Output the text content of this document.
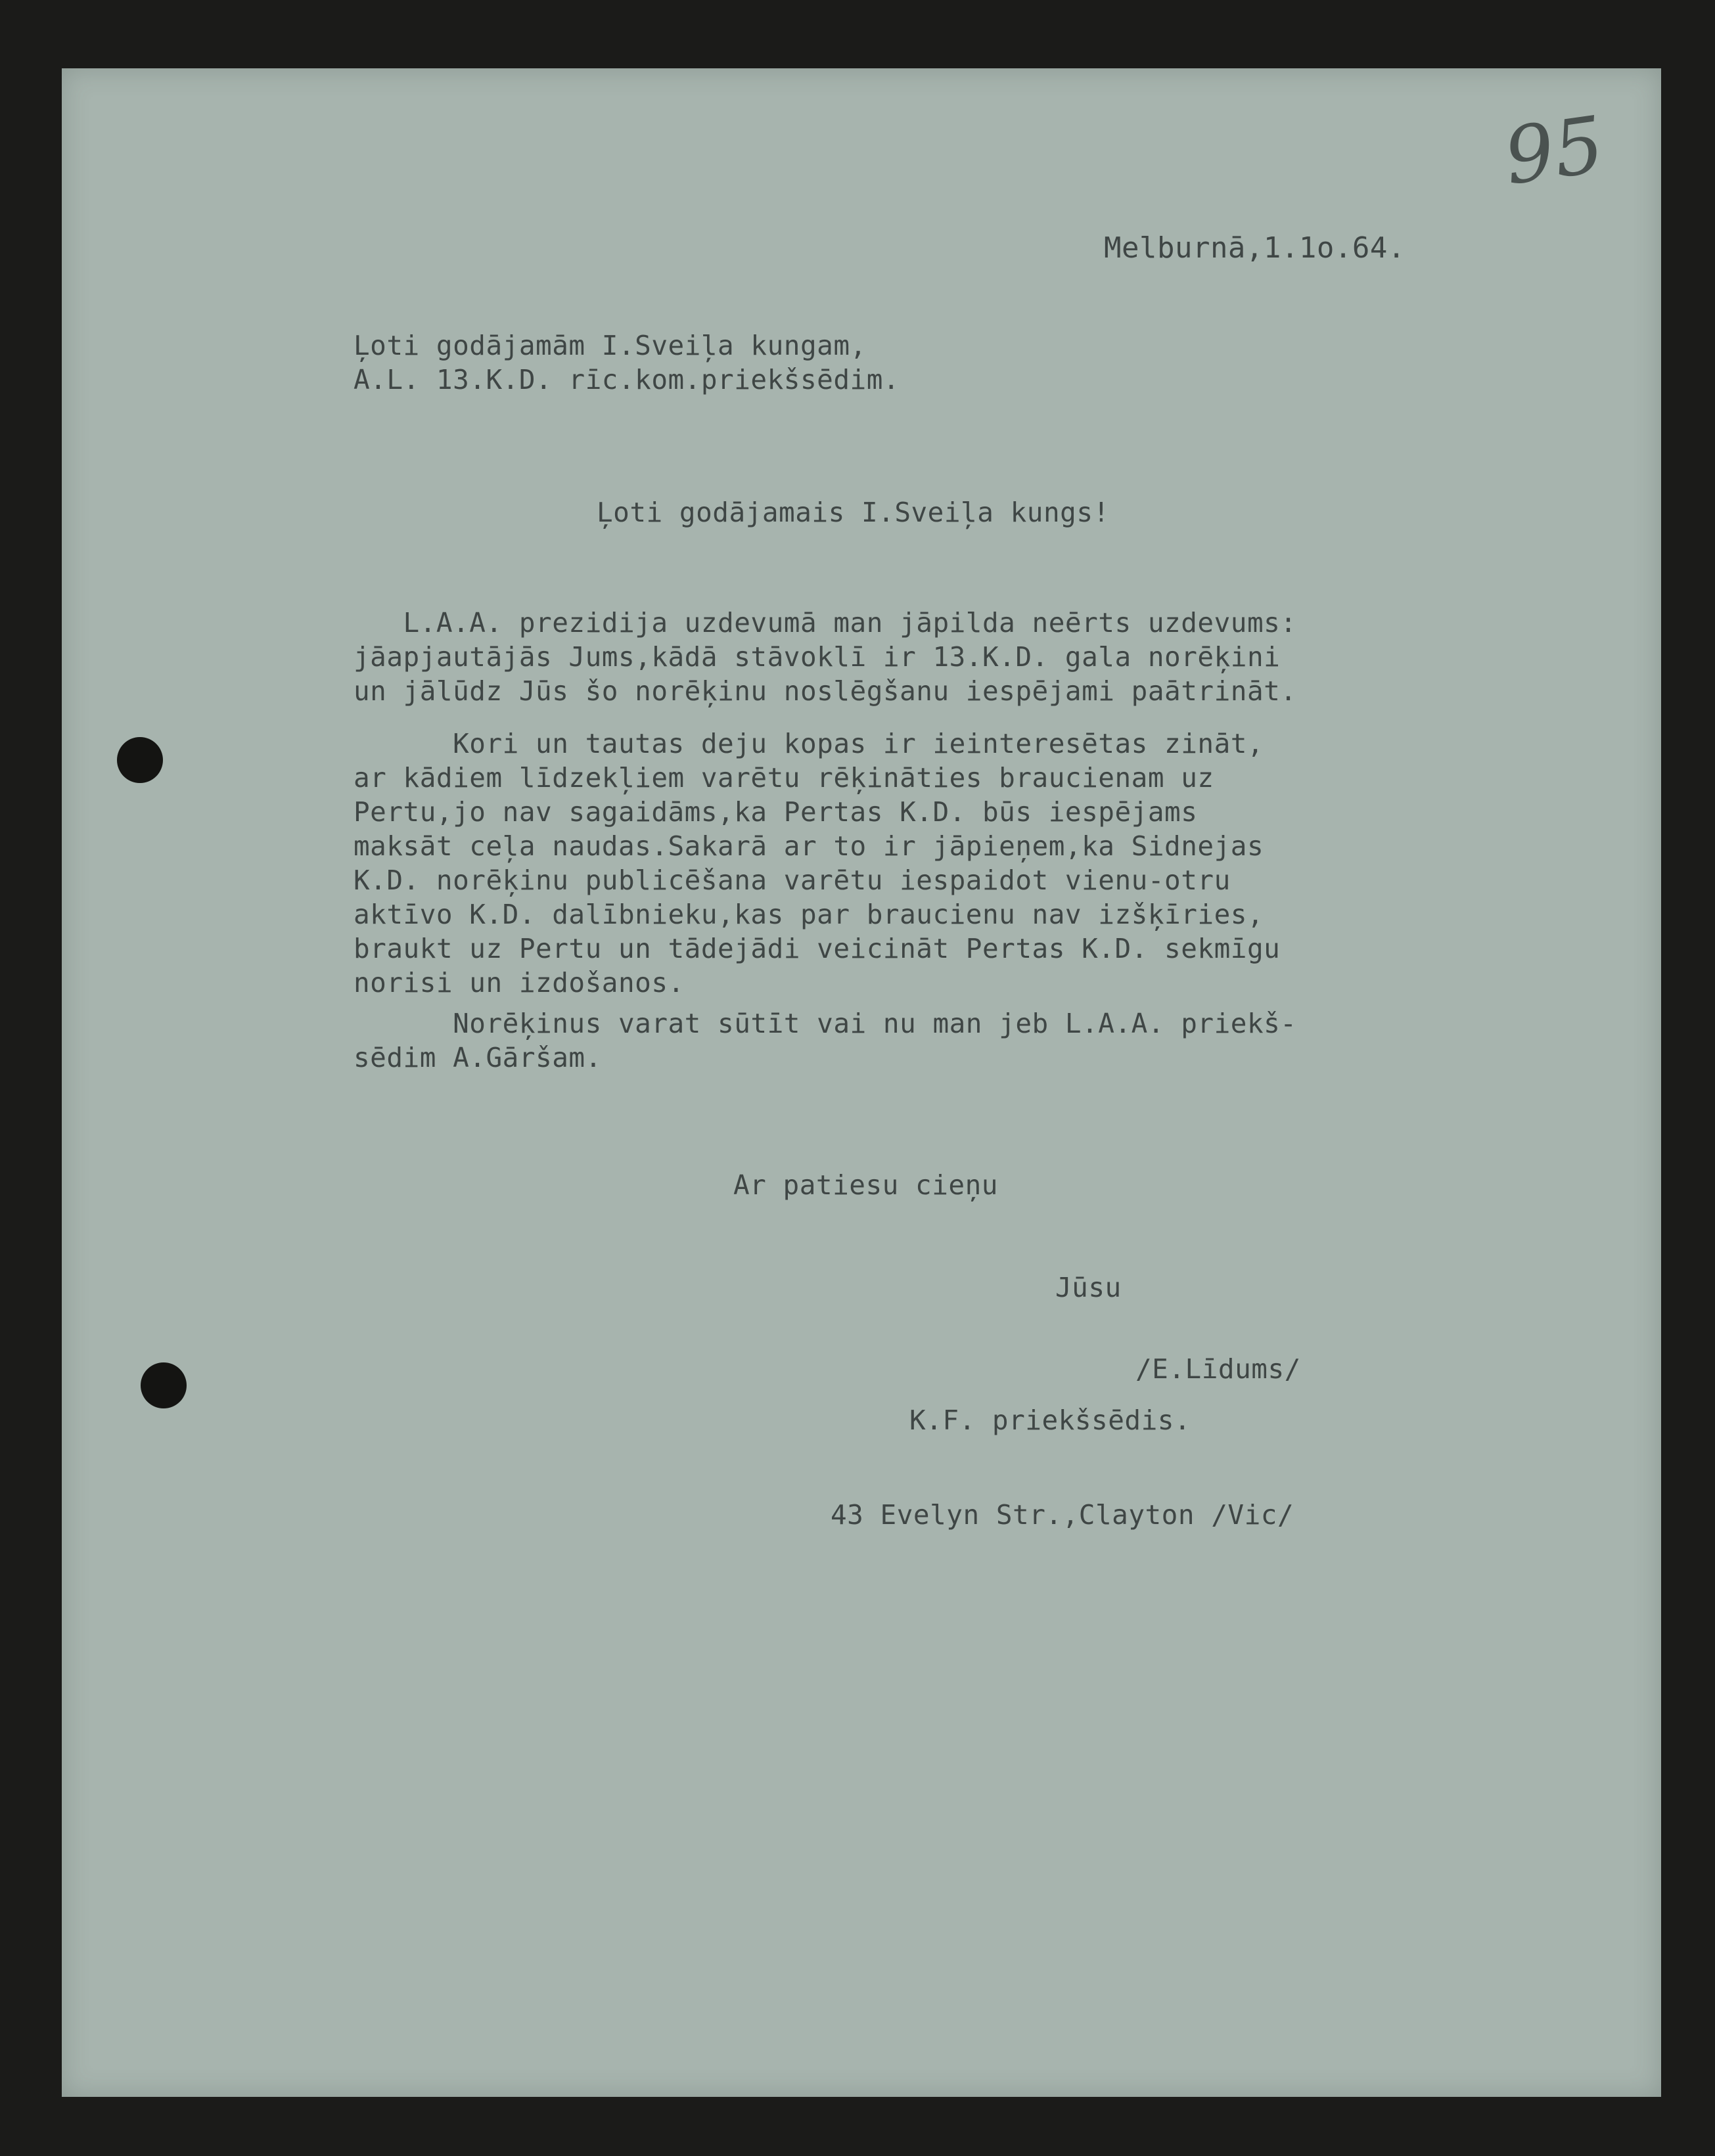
95
Melburnā,1.1o.64.
Ļoti godājamām I.Sveiļa kungam,
A.L. 13.K.D. rīc.kom.priekšsēdim.
Ļoti godājamais I.Sveiļa kungs!
L.A.A. prezidija uzdevumā man jāpilda neērts uzdevums:
jāapjautājās Jums,kādā stāvoklī ir 13.K.D. gala norēķini
un jālūdz Jūs šo norēķinu noslēgšanu iespējami paātrināt.
Kori un tautas deju kopas ir ieinteresētas zināt,
ar kādiem līdzekļiem varētu rēķināties braucienam uz
Pertu,jo nav sagaidāms,ka Pertas K.D. būs iespējams
maksāt ceļa naudas.Sakarā ar to ir jāpieņem,ka Sidnejas
K.D. norēķinu publicēšana varētu iespaidot vienu-otru
aktīvo K.D. dalībnieku,kas par braucienu nav izšķīries,
braukt uz Pertu un tādejādi veicināt Pertas K.D. sekmīgu
norisi un izdošanos.
Norēķinus varat sūtīt vai nu man jeb L.A.A. priekš-
sēdim A.Gāršam.
Ar patiesu cieņu
Jūsu
/E.Līdums/
K.F. priekšsēdis.
43 Evelyn Str.,Clayton /Vic/
